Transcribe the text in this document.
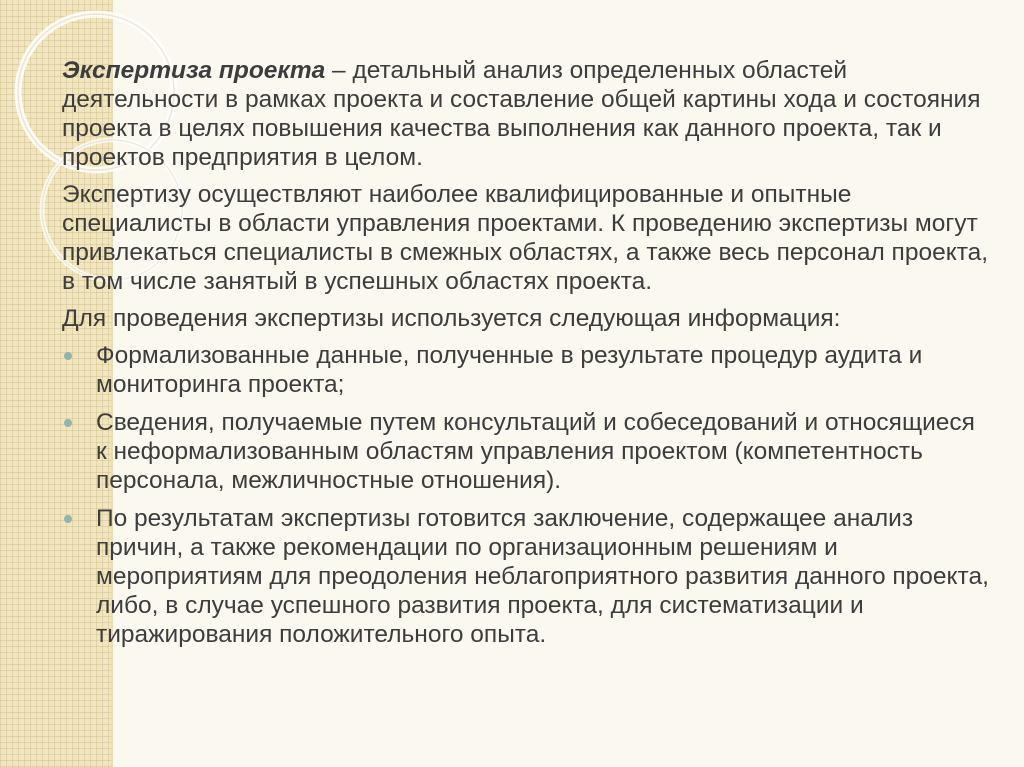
Экспертиза проекта – детальный анализ определенных областей деятельности в рамках проекта и составление общей картины хода и состояния проекта в целях повышения качества выполнения как данного проекта, так и проектов предприятия в целом.

Экспертизу осуществляют наиболее квалифицированные и опытные специалисты в области управления проектами. К проведению экспертизы могут привлекаться специалисты в смежных областях, а также весь персонал проекта, в том числе занятый в успешных областях проекта.

Для проведения экспертизы используется следующая информация:

Формализованные данные, полученные в результате процедур аудита и мониторинга проекта;
Сведения, получаемые путем консультаций и собеседований и относящиеся к неформализованным областям управления проектом (компетентность персонала, межличностные отношения).
По результатам экспертизы готовится заключение, содержащее анализ причин, а также рекомендации по организационным решениям и мероприятиям для преодоления неблагоприятного развития данного проекта, либо, в случае успешного развития проекта, для систематизации и тиражирования положительного опыта.
